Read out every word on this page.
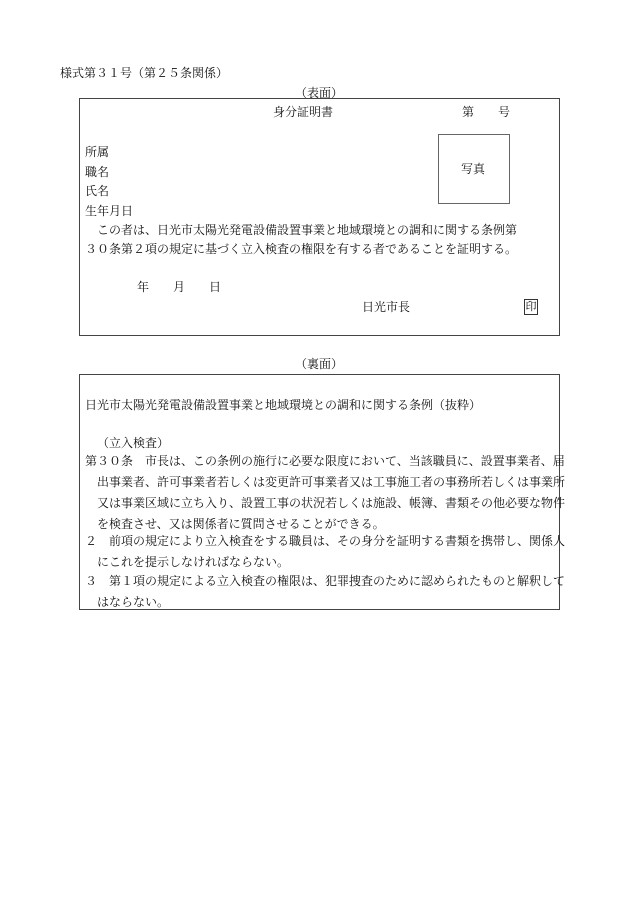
様式第３１号（第２５条関係）
（表面）
身分証明書	第　　号
所属
職名
氏名
生年月日
写真
この者は、日光市太陽光発電設備設置事業と地域環境との調和に関する条例第
３０条第２項の規定に基づく立入検査の権限を有する者であることを証明する。
年　　月　　日
日光市長	印
（裏面）
日光市太陽光発電設備設置事業と地域環境との調和に関する条例（抜粋）
（立入検査）
第３０条　市長は、この条例の施行に必要な限度において、当該職員に、設置事業者、届出事業者、許可事業者若しくは変更許可事業者又は工事施工者の事務所若しくは事業所又は事業区域に立ち入り、設置工事の状況若しくは施設、帳簿、書類その他必要な物件を検査させ、又は関係者に質問させることができる。
２　前項の規定により立入検査をする職員は、その身分を証明する書類を携帯し、関係人にこれを提示しなければならない。
３　第１項の規定による立入検査の権限は、犯罪捜査のために認められたものと解釈してはならない。
